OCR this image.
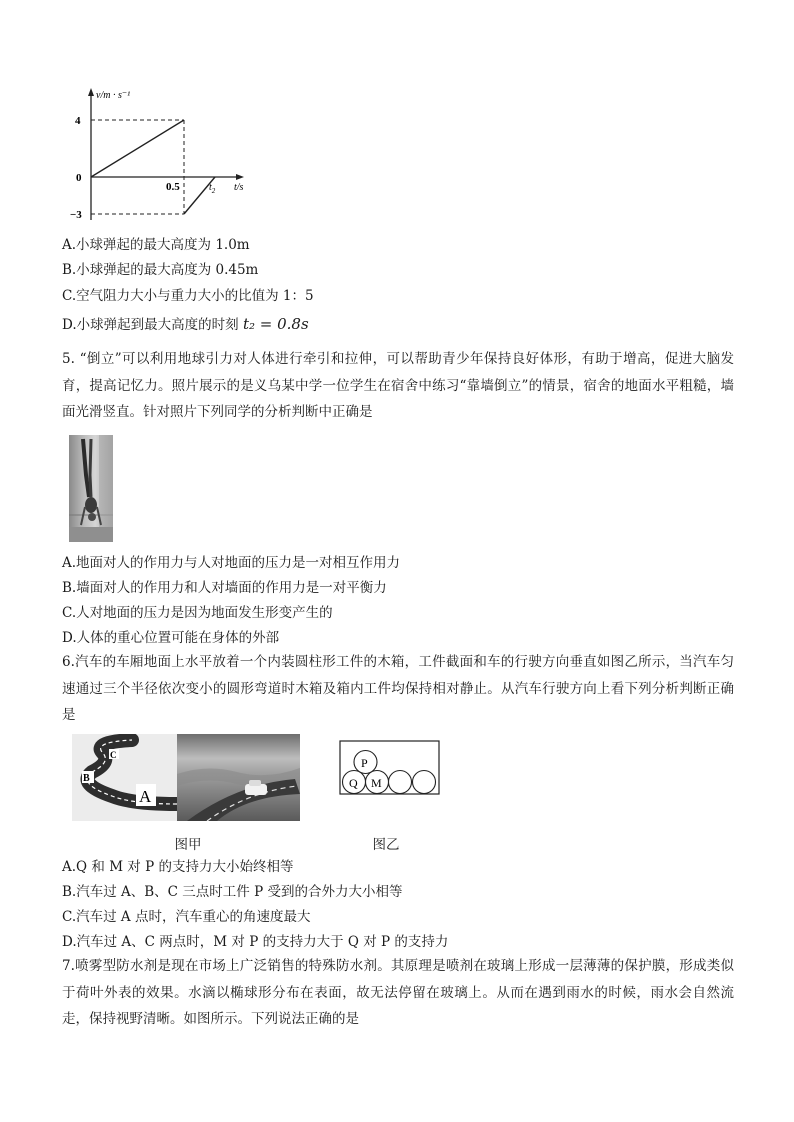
v/m · s⁻¹
t/s
4
0
−3
0.5	$t_2$
A.小球弹起的最大高度为 1.0m
B.小球弹起的最大高度为 0.45m
C.空气阻力大小与重力大小的比值为 1：5
D.小球弹起到最大高度的时刻 t₂ = 0.8s
5. “倒立”可以利用地球引力对人体进行牵引和拉伸，可以帮助青少年保持良好体形，有助于增高，促进大脑发育，提高记忆力。照片展示的是义乌某中学一位学生在宿舍中练习“靠墙倒立”的情景，宿舍的地面水平粗糙，墙面光滑竖直。针对照片下列同学的分析判断中正确是
A.地面对人的作用力与人对地面的压力是一对相互作用力
B.墙面对人的作用力和人对墙面的作用力是一对平衡力
C.人对地面的压力是因为地面发生形变产生的
D.人体的重心位置可能在身体的外部
6.汽车的车厢地面上水平放着一个内装圆柱形工件的木箱，工件截面和车的行驶方向垂直如图乙所示，当汽车匀速通过三个半径依次变小的圆形弯道时木箱及箱内工件均保持相对静止。从汽车行驶方向上看下列分析判断正确是
A
B
C
P
Q M
图甲	图乙
A.Q 和 M 对 P 的支持力大小始终相等
B.汽车过 A、B、C 三点时工件 P 受到的合外力大小相等
C.汽车过 A 点时，汽车重心的角速度最大
D.汽车过 A、C 两点时，M 对 P 的支持力大于 Q 对 P 的支持力
7.喷雾型防水剂是现在市场上广泛销售的特殊防水剂。其原理是喷剂在玻璃上形成一层薄薄的保护膜，形成类似于荷叶外表的效果。水滴以椭球形分布在表面，故无法停留在玻璃上。从而在遇到雨水的时候，雨水会自然流走，保持视野清晰。如图所示。下列说法正确的是
